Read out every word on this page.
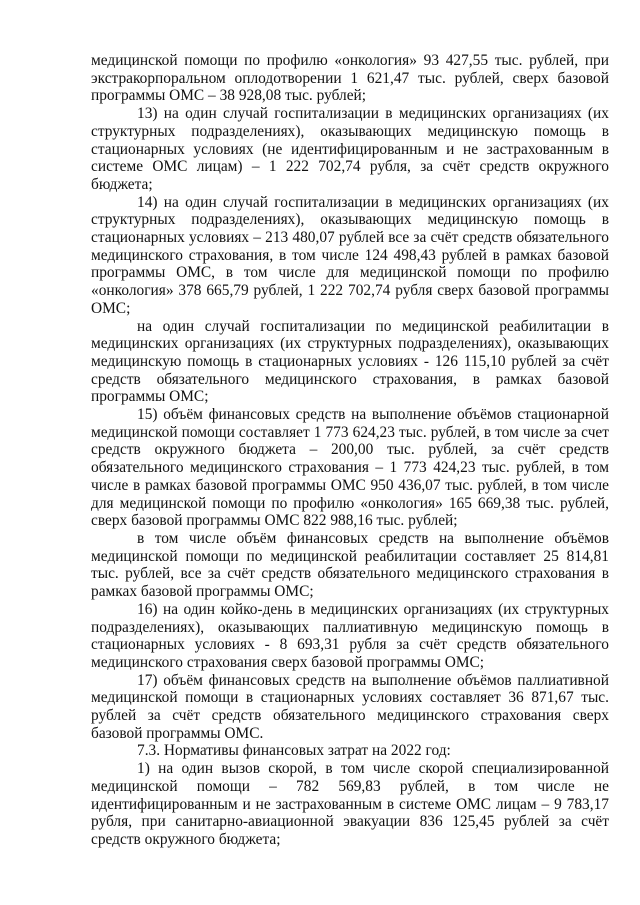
медицинской помощи по профилю «онкология» 93 427,55 тыс. рублей, при экстракорпоральном оплодотворении 1 621,47 тыс. рублей, сверх базовой программы ОМС – 38 928,08 тыс. рублей;

13) на один случай госпитализации в медицинских организациях (их структурных подразделениях), оказывающих медицинскую помощь в стационарных условиях (не идентифицированным и не застрахованным в системе ОМС лицам) – 1 222 702,74 рубля, за счёт средств окружного бюджета;

14) на один случай госпитализации в медицинских организациях (их структурных подразделениях), оказывающих медицинскую помощь в стационарных условиях – 213 480,07 рублей все за счёт средств обязательного медицинского страхования, в том числе 124 498,43 рублей в рамках базовой программы ОМС, в том числе для медицинской помощи по профилю «онкология» 378 665,79 рублей, 1 222 702,74 рубля сверх базовой программы ОМС;

на один случай госпитализации по медицинской реабилитации в медицинских организациях (их структурных подразделениях), оказывающих медицинскую помощь в стационарных условиях - 126 115,10 рублей за счёт средств обязательного медицинского страхования, в рамках базовой программы ОМС;

15) объём финансовых средств на выполнение объёмов стационарной медицинской помощи составляет 1 773 624,23 тыс. рублей, в том числе за счет средств окружного бюджета – 200,00 тыс. рублей, за счёт средств обязательного медицинского страхования – 1 773 424,23 тыс. рублей, в том числе в рамках базовой программы ОМС 950 436,07 тыс. рублей, в том числе для медицинской помощи по профилю «онкология» 165 669,38 тыс. рублей, сверх базовой программы ОМС 822 988,16 тыс. рублей;

в том числе объём финансовых средств на выполнение объёмов медицинской помощи по медицинской реабилитации составляет 25 814,81 тыс. рублей, все за счёт средств обязательного медицинского страхования в рамках базовой программы ОМС;

16) на один койко-день в медицинских организациях (их структурных подразделениях), оказывающих паллиативную медицинскую помощь в стационарных условиях - 8 693,31 рубля за счёт средств обязательного медицинского страхования сверх базовой программы ОМС;

17) объём финансовых средств на выполнение объёмов паллиативной медицинской помощи в стационарных условиях составляет 36 871,67 тыс. рублей за счёт средств обязательного медицинского страхования сверх базовой программы ОМС.

7.3. Нормативы финансовых затрат на 2022 год:

1) на один вызов скорой, в том числе скорой специализированной медицинской помощи – 782 569,83 рублей, в том числе не идентифицированным и не застрахованным в системе ОМС лицам – 9 783,17 рубля, при санитарно-авиационной эвакуации 836 125,45 рублей за счёт средств окружного бюджета;
